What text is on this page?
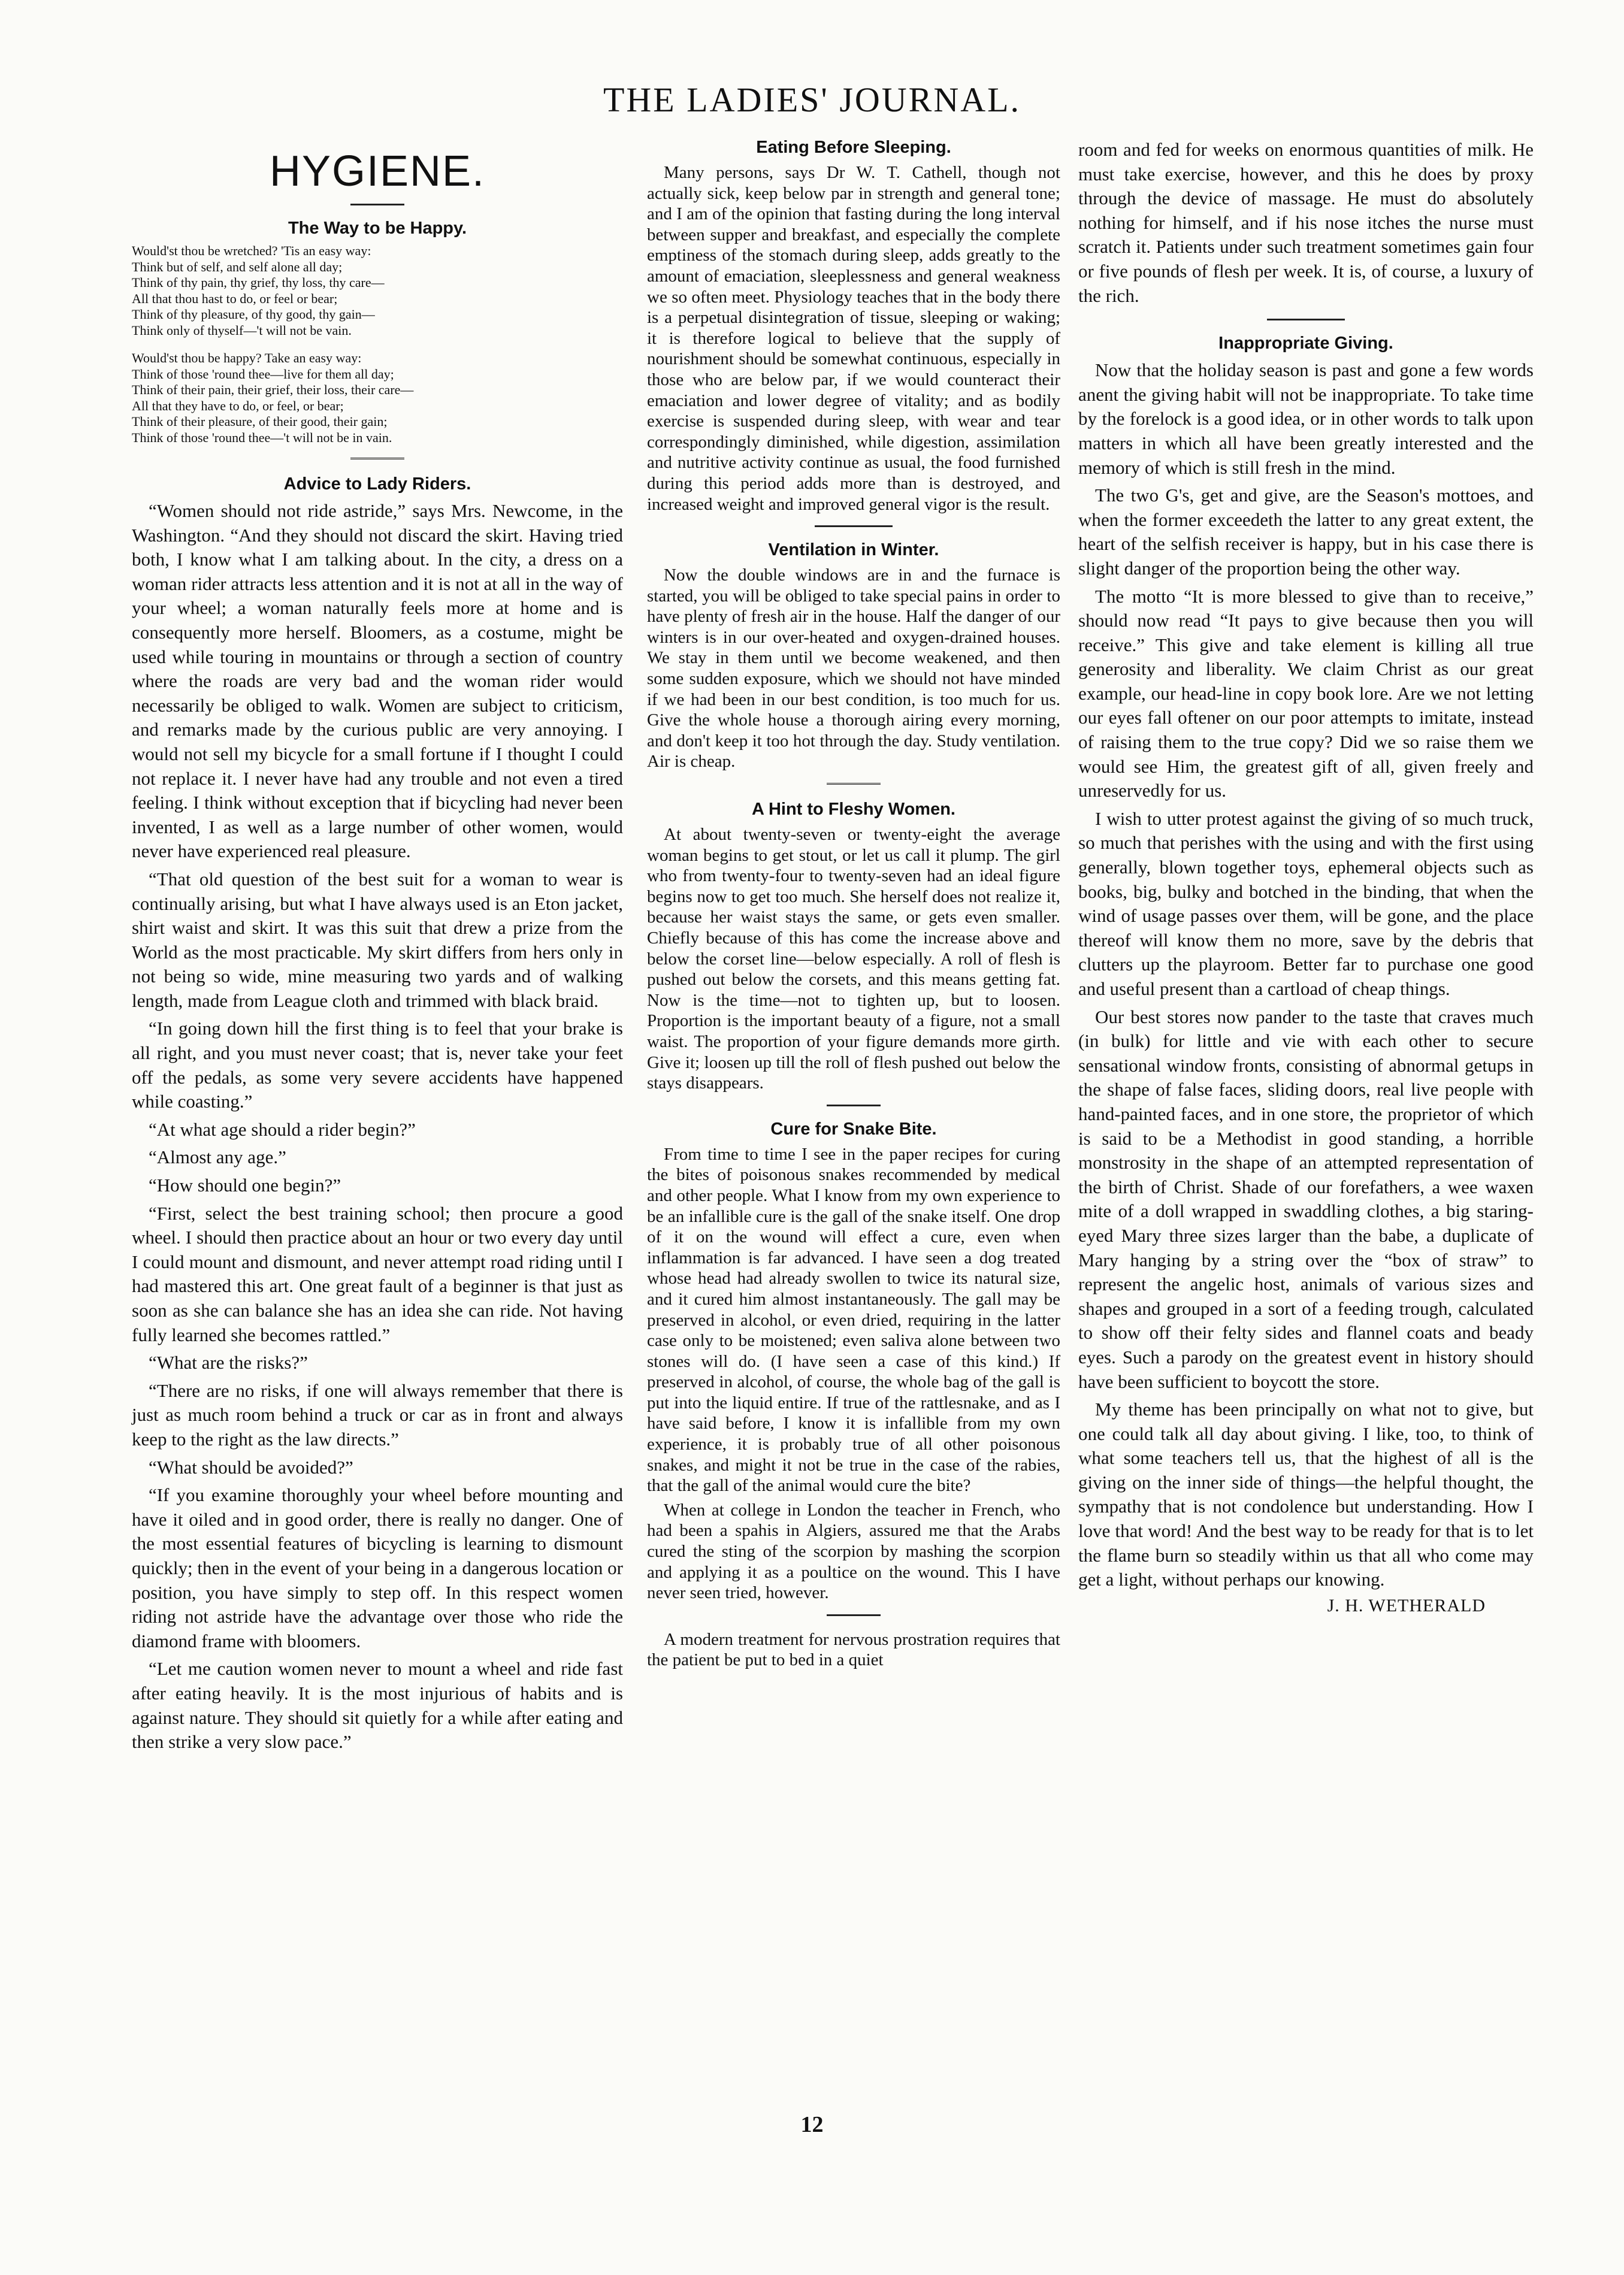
THE LADIES' JOURNAL.
HYGIENE.
The Way to be Happy.
Would'st thou be wretched? 'Tis an easy way:
Think but of self, and self alone all day;
Think of thy pain, thy grief, thy loss, thy care—
All that thou hast to do, or feel or bear;
Think of thy pleasure, of thy good, thy gain—
Think only of thyself—'t will not be vain.
Would'st thou be happy? Take an easy way:
Think of those 'round thee—live for them all day;
Think of their pain, their grief, their loss, their care—
All that they have to do, or feel, or bear;
Think of their pleasure, of their good, their gain;
Think of those 'round thee—'t will not be in vain.
Advice to Lady Riders.

“Women should not ride astride,” says Mrs. Newcome, in the Washington. “And they should not discard the skirt. Having tried both, I know what I am talking about. In the city, a dress on a woman rider attracts less attention and it is not at all in the way of your wheel; a woman naturally feels more at home and is consequently more herself. Bloomers, as a costume, might be used while touring in mountains or through a section of country where the roads are very bad and the woman rider would necessarily be obliged to walk. Women are subject to criticism, and remarks made by the curious public are very annoying. I would not sell my bicycle for a small fortune if I thought I could not replace it. I never have had any trouble and not even a tired feeling. I think without exception that if bicycling had never been invented, I as well as a large number of other women, would never have experienced real pleasure.

“That old question of the best suit for a woman to wear is continually arising, but what I have always used is an Eton jacket, shirt waist and skirt. It was this suit that drew a prize from the World as the most practicable. My skirt differs from hers only in not being so wide, mine measuring two yards and of walking length, made from League cloth and trimmed with black braid.

“In going down hill the first thing is to feel that your brake is all right, and you must never coast; that is, never take your feet off the pedals, as some very severe accidents have happened while coasting.”

“At what age should a rider begin?”

“Almost any age.”

“How should one begin?”

“First, select the best training school; then procure a good wheel. I should then practice about an hour or two every day until I could mount and dismount, and never attempt road riding until I had mastered this art. One great fault of a beginner is that just as soon as she can balance she has an idea she can ride. Not having fully learned she becomes rattled.”

“What are the risks?”

“There are no risks, if one will always remember that there is just as much room behind a truck or car as in front and always keep to the right as the law directs.”

“What should be avoided?”

“If you examine thoroughly your wheel before mounting and have it oiled and in good order, there is really no danger. One of the most essential features of bicycling is learning to dismount quickly; then in the event of your being in a dangerous location or position, you have simply to step off. In this respect women riding not astride have the advantage over those who ride the diamond frame with bloomers.

“Let me caution women never to mount a wheel and ride fast after eating heavily. It is the most injurious of habits and is against nature. They should sit quietly for a while after eating and then strike a very slow pace.”

Eating Before Sleeping.

Many persons, says Dr W. T. Cathell, though not actually sick, keep below par in strength and general tone; and I am of the opinion that fasting during the long interval between supper and breakfast, and especially the complete emptiness of the stomach during sleep, adds greatly to the amount of emaciation, sleeplessness and general weakness we so often meet. Physiology teaches that in the body there is a perpetual disintegration of tissue, sleeping or waking; it is therefore logical to believe that the supply of nourishment should be somewhat continuous, especially in those who are below par, if we would counteract their emaciation and lower degree of vitality; and as bodily exercise is suspended during sleep, with wear and tear correspondingly diminished, while digestion, assimilation and nutritive activity continue as usual, the food furnished during this period adds more than is destroyed, and increased weight and improved general vigor is the result.

Ventilation in Winter.

Now the double windows are in and the furnace is started, you will be obliged to take special pains in order to have plenty of fresh air in the house. Half the danger of our winters is in our over-heated and oxygen-drained houses. We stay in them until we become weakened, and then some sudden exposure, which we should not have minded if we had been in our best condition, is too much for us. Give the whole house a thorough airing every morning, and don't keep it too hot through the day. Study ventilation. Air is cheap.

A Hint to Fleshy Women.

At about twenty-seven or twenty-eight the average woman begins to get stout, or let us call it plump. The girl who from twenty-four to twenty-seven had an ideal figure begins now to get too much. She herself does not realize it, because her waist stays the same, or gets even smaller. Chiefly because of this has come the increase above and below the corset line—below especially. A roll of flesh is pushed out below the corsets, and this means getting fat. Now is the time—not to tighten up, but to loosen. Proportion is the important beauty of a figure, not a small waist. The proportion of your figure demands more girth. Give it; loosen up till the roll of flesh pushed out below the stays disappears.

Cure for Snake Bite.

From time to time I see in the paper recipes for curing the bites of poisonous snakes recommended by medical and other people. What I know from my own experience to be an infallible cure is the gall of the snake itself. One drop of it on the wound will effect a cure, even when inflammation is far advanced. I have seen a dog treated whose head had already swollen to twice its natural size, and it cured him almost instantaneously. The gall may be preserved in alcohol, or even dried, requiring in the latter case only to be moistened; even saliva alone between two stones will do. (I have seen a case of this kind.) If preserved in alcohol, of course, the whole bag of the gall is put into the liquid entire. If true of the rattlesnake, and as I have said before, I know it is infallible from my own experience, it is probably true of all other poisonous snakes, and might it not be true in the case of the rabies, that the gall of the animal would cure the bite?

When at college in London the teacher in French, who had been a spahis in Algiers, assured me that the Arabs cured the sting of the scorpion by mashing the scorpion and applying it as a poultice on the wound. This I have never seen tried, however.

A modern treatment for nervous prostration requires that the patient be put to bed in a quiet

room and fed for weeks on enormous quantities of milk. He must take exercise, however, and this he does by proxy through the device of massage. He must do absolutely nothing for himself, and if his nose itches the nurse must scratch it. Patients under such treatment sometimes gain four or five pounds of flesh per week. It is, of course, a luxury of the rich.

Inappropriate Giving.

Now that the holiday season is past and gone a few words anent the giving habit will not be inappropriate. To take time by the forelock is a good idea, or in other words to talk upon matters in which all have been greatly interested and the memory of which is still fresh in the mind.

The two G's, get and give, are the Season's mottoes, and when the former exceedeth the latter to any great extent, the heart of the selfish receiver is happy, but in his case there is slight danger of the proportion being the other way.

The motto “It is more blessed to give than to receive,” should now read “It pays to give because then you will receive.” This give and take element is killing all true generosity and liberality. We claim Christ as our great example, our head-line in copy book lore. Are we not letting our eyes fall oftener on our poor attempts to imitate, instead of raising them to the true copy? Did we so raise them we would see Him, the greatest gift of all, given freely and unreservedly for us.

I wish to utter protest against the giving of so much truck, so much that perishes with the using and with the first using generally, blown together toys, ephemeral objects such as books, big, bulky and botched in the binding, that when the wind of usage passes over them, will be gone, and the place thereof will know them no more, save by the debris that clutters up the playroom. Better far to purchase one good and useful present than a cartload of cheap things.

Our best stores now pander to the taste that craves much (in bulk) for little and vie with each other to secure sensational window fronts, consisting of abnormal getups in the shape of false faces, sliding doors, real live people with hand-painted faces, and in one store, the proprietor of which is said to be a Methodist in good standing, a horrible monstrosity in the shape of an attempted representation of the birth of Christ. Shade of our forefathers, a wee waxen mite of a doll wrapped in swaddling clothes, a big staring-eyed Mary three sizes larger than the babe, a duplicate of Mary hanging by a string over the “box of straw” to represent the angelic host, animals of various sizes and shapes and grouped in a sort of a feeding trough, calculated to show off their felty sides and flannel coats and beady eyes. Such a parody on the greatest event in history should have been sufficient to boycott the store.

My theme has been principally on what not to give, but one could talk all day about giving. I like, too, to think of what some teachers tell us, that the highest of all is the giving on the inner side of things—the helpful thought, the sympathy that is not condolence but understanding. How I love that word! And the best way to be ready for that is to let the flame burn so steadily within us that all who come may get a light, without perhaps our knowing.

J. H. WETHERALD
12
